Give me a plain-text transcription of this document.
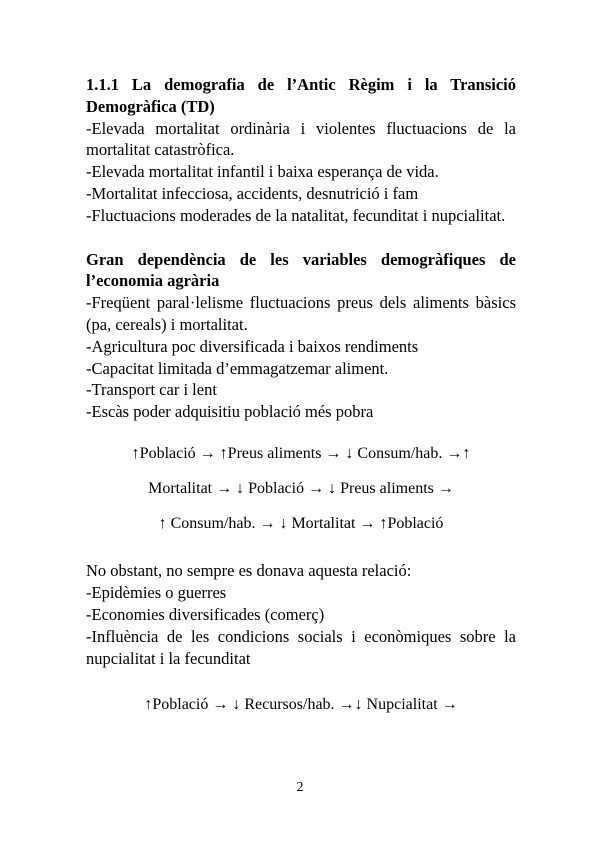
1.1.1 La demografia de l’Antic Règim i la Transició Demogràfica (TD)

-Elevada mortalitat ordinària i violentes fluctuacions de la mortalitat catastròfica.

-Elevada mortalitat infantil i baixa esperança de vida.

-Mortalitat infecciosa, accidents, desnutrició i fam

-Fluctuacions moderades de la natalitat, fecunditat i nupcialitat.

Gran dependència de les variables demogràfiques de l’economia agrària

-Freqüent paral·lelisme fluctuacions preus dels aliments bàsics (pa, cereals) i mortalitat.

-Agricultura poc diversificada i baixos rendiments

-Capacitat limitada d’emmagatzemar aliment.

-Transport car i lent

-Escàs poder adquisitiu població més pobra

↑Població → ↑Preus aliments → ↓ Consum/hab. →↑

Mortalitat → ↓ Població → ↓ Preus aliments →

↑ Consum/hab. → ↓ Mortalitat → ↑Població

No obstant, no sempre es donava aquesta relació:

-Epidèmies o guerres

-Economies diversificades (comerç)

-Influència de les condicions socials i econòmiques sobre la nupcialitat i la fecunditat

↑Població → ↓ Recursos/hab. →↓ Nupcialitat →

2
